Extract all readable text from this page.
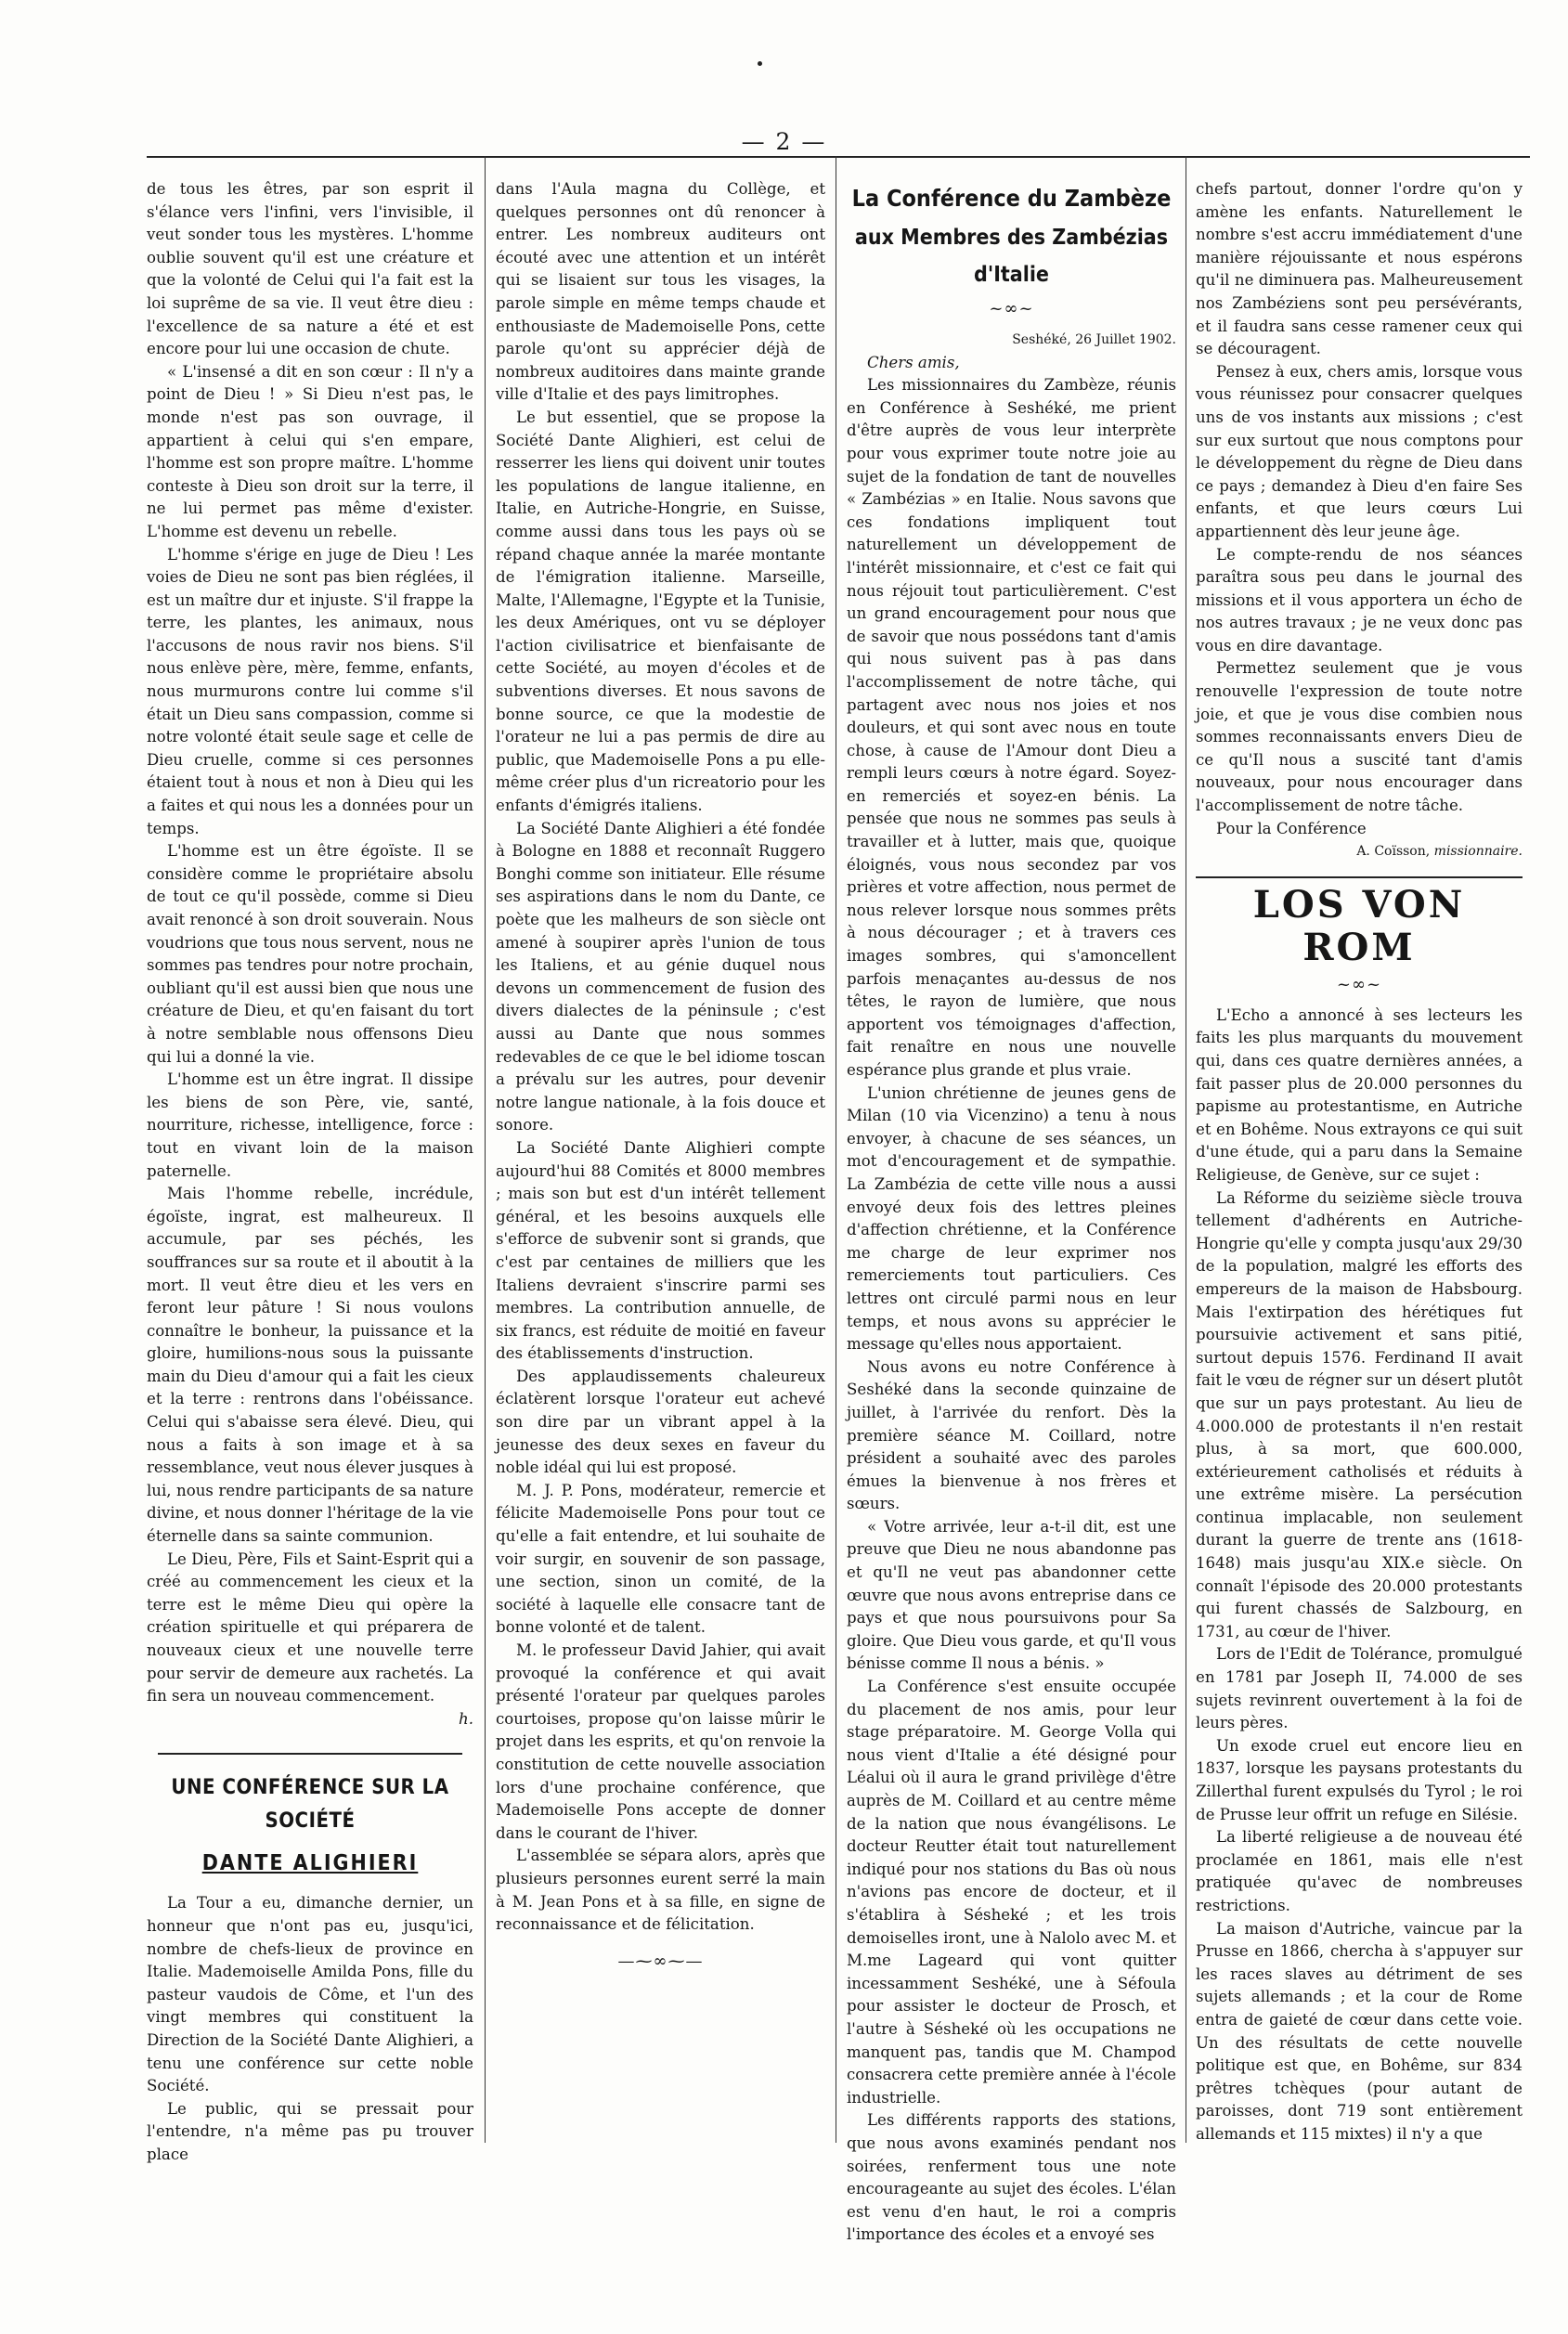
— 2 —

de tous les êtres, par son esprit il s'élance vers l'infini, vers l'invisible, il veut sonder tous les mystères. L'homme oublie souvent qu'il est une créature et que la volonté de Celui qui l'a fait est la loi suprême de sa vie. Il veut être dieu : l'excellence de sa nature a été et est encore pour lui une occasion de chute.

« L'insensé a dit en son cœur : Il n'y a point de Dieu ! » Si Dieu n'est pas, le monde n'est pas son ouvrage, il appartient à celui qui s'en empare, l'homme est son propre maître. L'homme conteste à Dieu son droit sur la terre, il ne lui permet pas même d'exister. L'homme est devenu un rebelle.

L'homme s'érige en juge de Dieu ! Les voies de Dieu ne sont pas bien réglées, il est un maître dur et injuste. S'il frappe la terre, les plantes, les animaux, nous l'accusons de nous ravir nos biens. S'il nous enlève père, mère, femme, enfants, nous murmurons contre lui comme s'il était un Dieu sans compassion, comme si notre volonté était seule sage et celle de Dieu cruelle, comme si ces personnes étaient tout à nous et non à Dieu qui les a faites et qui nous les a données pour un temps.

L'homme est un être égoïste. Il se considère comme le propriétaire absolu de tout ce qu'il possède, comme si Dieu avait renoncé à son droit souverain. Nous voudrions que tous nous servent, nous ne sommes pas tendres pour notre prochain, oubliant qu'il est aussi bien que nous une créature de Dieu, et qu'en faisant du tort à notre semblable nous offensons Dieu qui lui a donné la vie.

L'homme est un être ingrat. Il dissipe les biens de son Père, vie, santé, nourriture, richesse, intelligence, force : tout en vivant loin de la maison paternelle.

Mais l'homme rebelle, incrédule, égoïste, ingrat, est malheureux. Il accumule, par ses péchés, les souffrances sur sa route et il aboutit à la mort. Il veut être dieu et les vers en feront leur pâture ! Si nous voulons connaître le bonheur, la puissance et la gloire, humilions-nous sous la puissante main du Dieu d'amour qui a fait les cieux et la terre : rentrons dans l'obéissance. Celui qui s'abaisse sera élevé. Dieu, qui nous a faits à son image et à sa ressemblance, veut nous élever jusques à lui, nous rendre participants de sa nature divine, et nous donner l'héritage de la vie éternelle dans sa sainte communion.

Le Dieu, Père, Fils et Saint-Esprit qui a créé au commencement les cieux et la terre est le même Dieu qui opère la création spirituelle et qui préparera de nouveaux cieux et une nouvelle terre pour servir de demeure aux rachetés. La fin sera un nouveau commencement.

h.

UNE CONFÉRENCE SUR LA SOCIÉTÉ
DANTE ALIGHIERI

La Tour a eu, dimanche dernier, un honneur que n'ont pas eu, jusqu'ici, nombre de chefs-lieux de province en Italie. Mademoiselle Amilda Pons, fille du pasteur vaudois de Côme, et l'un des vingt membres qui constituent la Direction de la Société Dante Alighieri, a tenu une conférence sur cette noble Société.

Le public, qui se pressait pour l'entendre, n'a même pas pu trouver place

dans l'Aula magna du Collège, et quelques personnes ont dû renoncer à entrer. Les nombreux auditeurs ont écouté avec une attention et un intérêt qui se lisaient sur tous les visages, la parole simple en même temps chaude et enthousiaste de Mademoiselle Pons, cette parole qu'ont su apprécier déjà de nombreux auditoires dans mainte grande ville d'Italie et des pays limitrophes.

Le but essentiel, que se propose la Société Dante Alighieri, est celui de resserrer les liens qui doivent unir toutes les populations de langue italienne, en Italie, en Autriche-Hongrie, en Suisse, comme aussi dans tous les pays où se répand chaque année la marée montante de l'émigration italienne. Marseille, Malte, l'Allemagne, l'Egypte et la Tunisie, les deux Amériques, ont vu se déployer l'action civilisatrice et bienfaisante de cette Société, au moyen d'écoles et de subventions diverses. Et nous savons de bonne source, ce que la modestie de l'orateur ne lui a pas permis de dire au public, que Mademoiselle Pons a pu elle-même créer plus d'un ricreatorio pour les enfants d'émigrés italiens.

La Société Dante Alighieri a été fondée à Bologne en 1888 et reconnaît Ruggero Bonghi comme son initiateur. Elle résume ses aspirations dans le nom du Dante, ce poète que les malheurs de son siècle ont amené à soupirer après l'union de tous les Italiens, et au génie duquel nous devons un commencement de fusion des divers dialectes de la péninsule ; c'est aussi au Dante que nous sommes redevables de ce que le bel idiome toscan a prévalu sur les autres, pour devenir notre langue nationale, à la fois douce et sonore.

La Société Dante Alighieri compte aujourd'hui 88 Comités et 8000 membres ; mais son but est d'un intérêt tellement général, et les besoins auxquels elle s'efforce de subvenir sont si grands, que c'est par centaines de milliers que les Italiens devraient s'inscrire parmi ses membres. La contribution annuelle, de six francs, est réduite de moitié en faveur des établissements d'instruction.

Des applaudissements chaleureux éclatèrent lorsque l'orateur eut achevé son dire par un vibrant appel à la jeunesse des deux sexes en faveur du noble idéal qui lui est proposé.

M. J. P. Pons, modérateur, remercie et félicite Mademoiselle Pons pour tout ce qu'elle a fait entendre, et lui souhaite de voir surgir, en souvenir de son passage, une section, sinon un comité, de la société à laquelle elle consacre tant de bonne volonté et de talent.

M. le professeur David Jahier, qui avait provoqué la conférence et qui avait présenté l'orateur par quelques paroles courtoises, propose qu'on laisse mûrir le projet dans les esprits, et qu'on renvoie la constitution de cette nouvelle association lors d'une prochaine conférence, que Mademoiselle Pons accepte de donner dans le courant de l'hiver.

L'assemblée se sépara alors, après que plusieurs personnes eurent serré la main à M. Jean Pons et à sa fille, en signe de reconnaissance et de félicitation.

—⁓∞⁓—
La Conférence du Zambèze
aux Membres des Zambézias d'Italie
~∞~

Seshéké, 26 Juillet 1902.

Chers amis,

Les missionnaires du Zambèze, réunis en Conférence à Seshéké, me prient d'être auprès de vous leur interprète pour vous exprimer toute notre joie au sujet de la fondation de tant de nouvelles « Zambézias » en Italie. Nous savons que ces fondations impliquent tout naturellement un développement de l'intérêt missionnaire, et c'est ce fait qui nous réjouit tout particulièrement. C'est un grand encouragement pour nous que de savoir que nous possédons tant d'amis qui nous suivent pas à pas dans l'accomplissement de notre tâche, qui partagent avec nous nos joies et nos douleurs, et qui sont avec nous en toute chose, à cause de l'Amour dont Dieu a rempli leurs cœurs à notre égard. Soyez-en remerciés et soyez-en bénis. La pensée que nous ne sommes pas seuls à travailler et à lutter, mais que, quoique éloignés, vous nous secondez par vos prières et votre affection, nous permet de nous relever lorsque nous sommes prêts à nous décourager ; et à travers ces images sombres, qui s'amoncellent parfois menaçantes au-dessus de nos têtes, le rayon de lumière, que nous apportent vos témoignages d'affection, fait renaître en nous une nouvelle espérance plus grande et plus vraie.

L'union chrétienne de jeunes gens de Milan (10 via Vicenzino) a tenu à nous envoyer, à chacune de ses séances, un mot d'encouragement et de sympathie. La Zambézia de cette ville nous a aussi envoyé deux fois des lettres pleines d'affection chrétienne, et la Conférence me charge de leur exprimer nos remerciements tout particuliers. Ces lettres ont circulé parmi nous en leur temps, et nous avons su apprécier le message qu'elles nous apportaient.

Nous avons eu notre Conférence à Seshéké dans la seconde quinzaine de juillet, à l'arrivée du renfort. Dès la première séance M. Coillard, notre président a souhaité avec des paroles émues la bienvenue à nos frères et sœurs.

« Votre arrivée, leur a-t-il dit, est une preuve que Dieu ne nous abandonne pas et qu'Il ne veut pas abandonner cette œuvre que nous avons entreprise dans ce pays et que nous poursuivons pour Sa gloire. Que Dieu vous garde, et qu'Il vous bénisse comme Il nous a bénis. »

La Conférence s'est ensuite occupée du placement de nos amis, pour leur stage préparatoire. M. George Volla qui nous vient d'Italie a été désigné pour Léalui où il aura le grand privilège d'être auprès de M. Coillard et au centre même de la nation que nous évangélisons. Le docteur Reutter était tout naturellement indiqué pour nos stations du Bas où nous n'avions pas encore de docteur, et il s'établira à Sésheké ; et les trois demoiselles iront, une à Nalolo avec M. et M.me Lageard qui vont quitter incessamment Seshéké, une à Séfoula pour assister le docteur de Prosch, et l'autre à Sésheké où les occupations ne manquent pas, tandis que M. Champod consacrera cette première année à l'école industrielle.

Les différents rapports des stations, que nous avons examinés pendant nos soirées, renferment tous une note encourageante au sujet des écoles. L'élan est venu d'en haut, le roi a compris l'importance des écoles et a envoyé ses

chefs partout, donner l'ordre qu'on y amène les enfants. Naturellement le nombre s'est accru immédiatement d'une manière réjouissante et nous espérons qu'il ne diminuera pas. Malheureusement nos Zambéziens sont peu persévérants, et il faudra sans cesse ramener ceux qui se découragent.

Pensez à eux, chers amis, lorsque vous vous réunissez pour consacrer quelques uns de vos instants aux missions ; c'est sur eux surtout que nous comptons pour le développement du règne de Dieu dans ce pays ; demandez à Dieu d'en faire Ses enfants, et que leurs cœurs Lui appartiennent dès leur jeune âge.

Le compte-rendu de nos séances paraîtra sous peu dans le journal des missions et il vous apportera un écho de nos autres travaux ; je ne veux donc pas vous en dire davantage.

Permettez seulement que je vous renouvelle l'expression de toute notre joie, et que je vous dise combien nous sommes reconnaissants envers Dieu de ce qu'Il nous a suscité tant d'amis nouveaux, pour nous encourager dans l'accomplissement de notre tâche.

Pour la Conférence

A. Coïsson, missionnaire.

LOS VON ROM
~∞~

L'Echo a annoncé à ses lecteurs les faits les plus marquants du mouvement qui, dans ces quatre dernières années, a fait passer plus de 20.000 personnes du papisme au protestantisme, en Autriche et en Bohême. Nous extrayons ce qui suit d'une étude, qui a paru dans la Semaine Religieuse, de Genève, sur ce sujet :

La Réforme du seizième siècle trouva tellement d'adhérents en Autriche-Hongrie qu'elle y compta jusqu'aux 29/30 de la population, malgré les efforts des empereurs de la maison de Habsbourg. Mais l'extirpation des hérétiques fut poursuivie activement et sans pitié, surtout depuis 1576. Ferdinand II avait fait le vœu de régner sur un désert plutôt que sur un pays protestant. Au lieu de 4.000.000 de protestants il n'en restait plus, à sa mort, que 600.000, extérieurement catholisés et réduits à une extrême misère. La persécution continua implacable, non seulement durant la guerre de trente ans (1618-1648) mais jusqu'au XIX.e siècle. On connaît l'épisode des 20.000 protestants qui furent chassés de Salzbourg, en 1731, au cœur de l'hiver.

Lors de l'Edit de Tolérance, promulgué en 1781 par Joseph II, 74.000 de ses sujets revinrent ouvertement à la foi de leurs pères.

Un exode cruel eut encore lieu en 1837, lorsque les paysans protestants du Zillerthal furent expulsés du Tyrol ; le roi de Prusse leur offrit un refuge en Silésie.

La liberté religieuse a de nouveau été proclamée en 1861, mais elle n'est pratiquée qu'avec de nombreuses restrictions.

La maison d'Autriche, vaincue par la Prusse en 1866, chercha à s'appuyer sur les races slaves au détriment de ses sujets allemands ; et la cour de Rome entra de gaieté de cœur dans cette voie. Un des résultats de cette nouvelle politique est que, en Bohême, sur 834 prêtres tchèques (pour autant de paroisses, dont 719 sont entièrement allemands et 115 mixtes) il n'y a que
